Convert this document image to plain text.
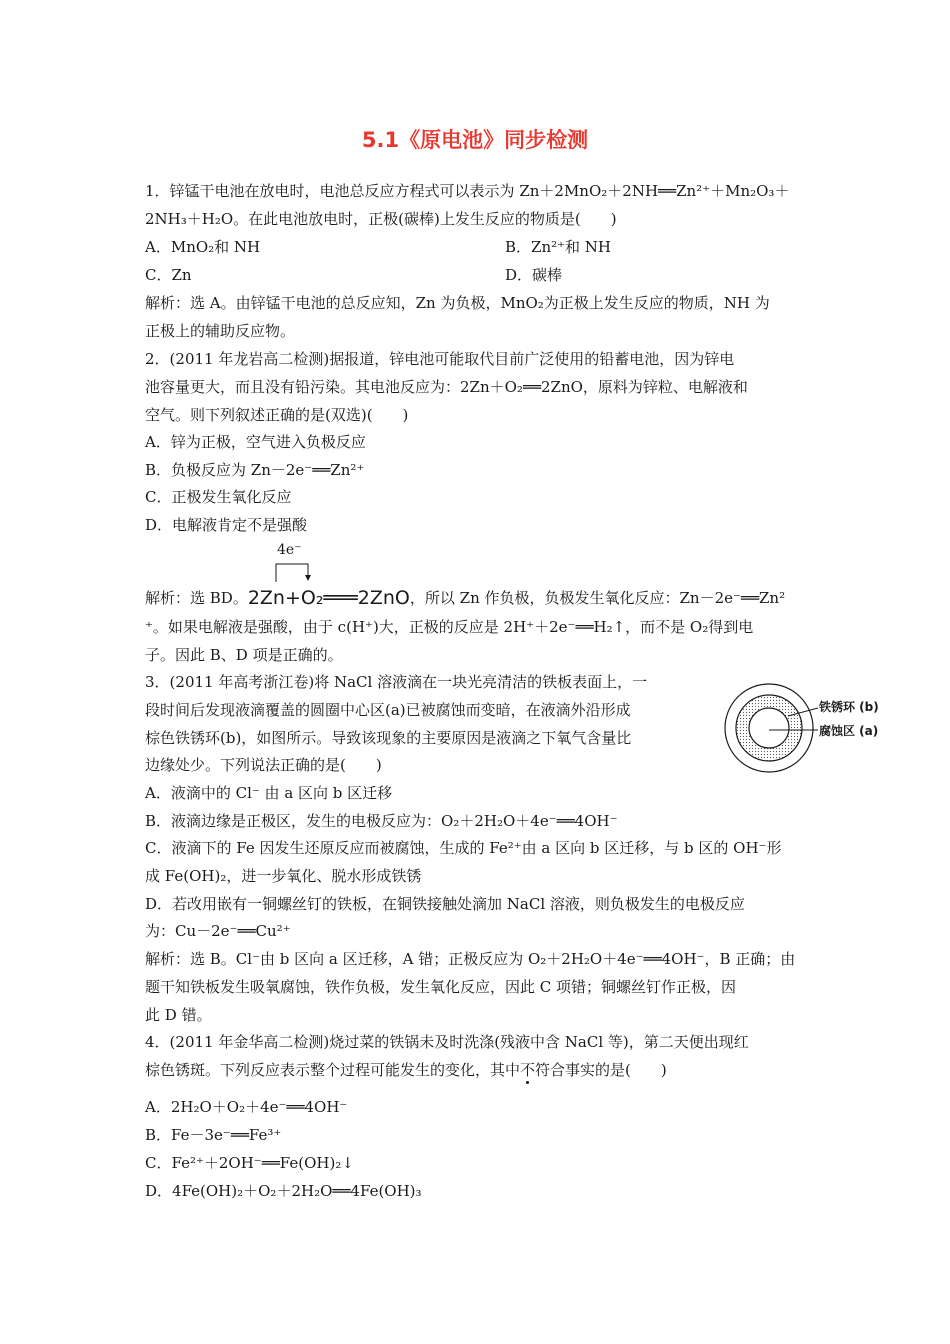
5.1《原电池》同步检测
1．锌锰干电池在放电时，电池总反应方程式可以表示为 Zn＋2MnO₂＋2NH══Zn²⁺＋Mn₂O₃＋
2NH₃＋H₂O。在此电池放电时，正极(碳棒)上发生反应的物质是(　　)
A．MnO₂和 NH	B．Zn²⁺和 NH
C．Zn	D．碳棒
解析：选 A。由锌锰干电池的总反应知，Zn 为负极，MnO₂为正极上发生反应的物质，NH 为
正极上的辅助反应物。
2．(2011 年龙岩高二检测)据报道，锌电池可能取代目前广泛使用的铅蓄电池，因为锌电
池容量更大，而且没有铅污染。其电池反应为：2Zn＋O₂══2ZnO，原料为锌粒、电解液和
空气。则下列叙述正确的是(双选)(　　)
A．锌为正极，空气进入负极反应
B．负极反应为 Zn－2e⁻══Zn²⁺
C．正极发生氧化反应
D．电解液肯定不是强酸
4e⁻
解析：选 BD。2Zn+O₂═══2ZnO，所以 Zn 作负极，负极发生氧化反应：Zn－2e⁻══Zn²
⁺。如果电解液是强酸，由于 c(H⁺)大，正极的反应是 2H⁺＋2e⁻══H₂↑，而不是 O₂得到电
子。因此 B、D 项是正确的。
3．(2011 年高考浙江卷)将 NaCl 溶液滴在一块光亮清洁的铁板表面上，一
段时间后发现液滴覆盖的圆圈中心区(a)已被腐蚀而变暗，在液滴外沿形成
棕色铁锈环(b)，如图所示。导致该现象的主要原因是液滴之下氧气含量比
边缘处少。下列说法正确的是(　　)
铁锈环 (b)
腐蚀区 (a)
A．液滴中的 Cl⁻ 由 a 区向 b 区迁移
B．液滴边缘是正极区，发生的电极反应为：O₂＋2H₂O＋4e⁻══4OH⁻
C．液滴下的 Fe 因发生还原反应而被腐蚀，生成的 Fe²⁺由 a 区向 b 区迁移，与 b 区的 OH⁻形
成 Fe(OH)₂，进一步氧化、脱水形成铁锈
D．若改用嵌有一铜螺丝钉的铁板，在铜铁接触处滴加 NaCl 溶液，则负极发生的电极反应
为：Cu－2e⁻══Cu²⁺
解析：选 B。Cl⁻由 b 区向 a 区迁移，A 错；正极反应为 O₂＋2H₂O＋4e⁻══4OH⁻，B 正确；由
题干知铁板发生吸氧腐蚀，铁作负极，发生氧化反应，因此 C 项错；铜螺丝钉作正极，因
此 D 错。
4．(2011 年金华高二检测)烧过菜的铁锅未及时洗涤(残液中含 NaCl 等)，第二天便出现红
棕色锈斑。下列反应表示整个过程可能发生的变化，其中不符合事实的是(　　)
A．2H₂O＋O₂＋4e⁻══4OH⁻
B．Fe－3e⁻══Fe³⁺
C．Fe²⁺＋2OH⁻══Fe(OH)₂↓
D．4Fe(OH)₂＋O₂＋2H₂O══4Fe(OH)₃
